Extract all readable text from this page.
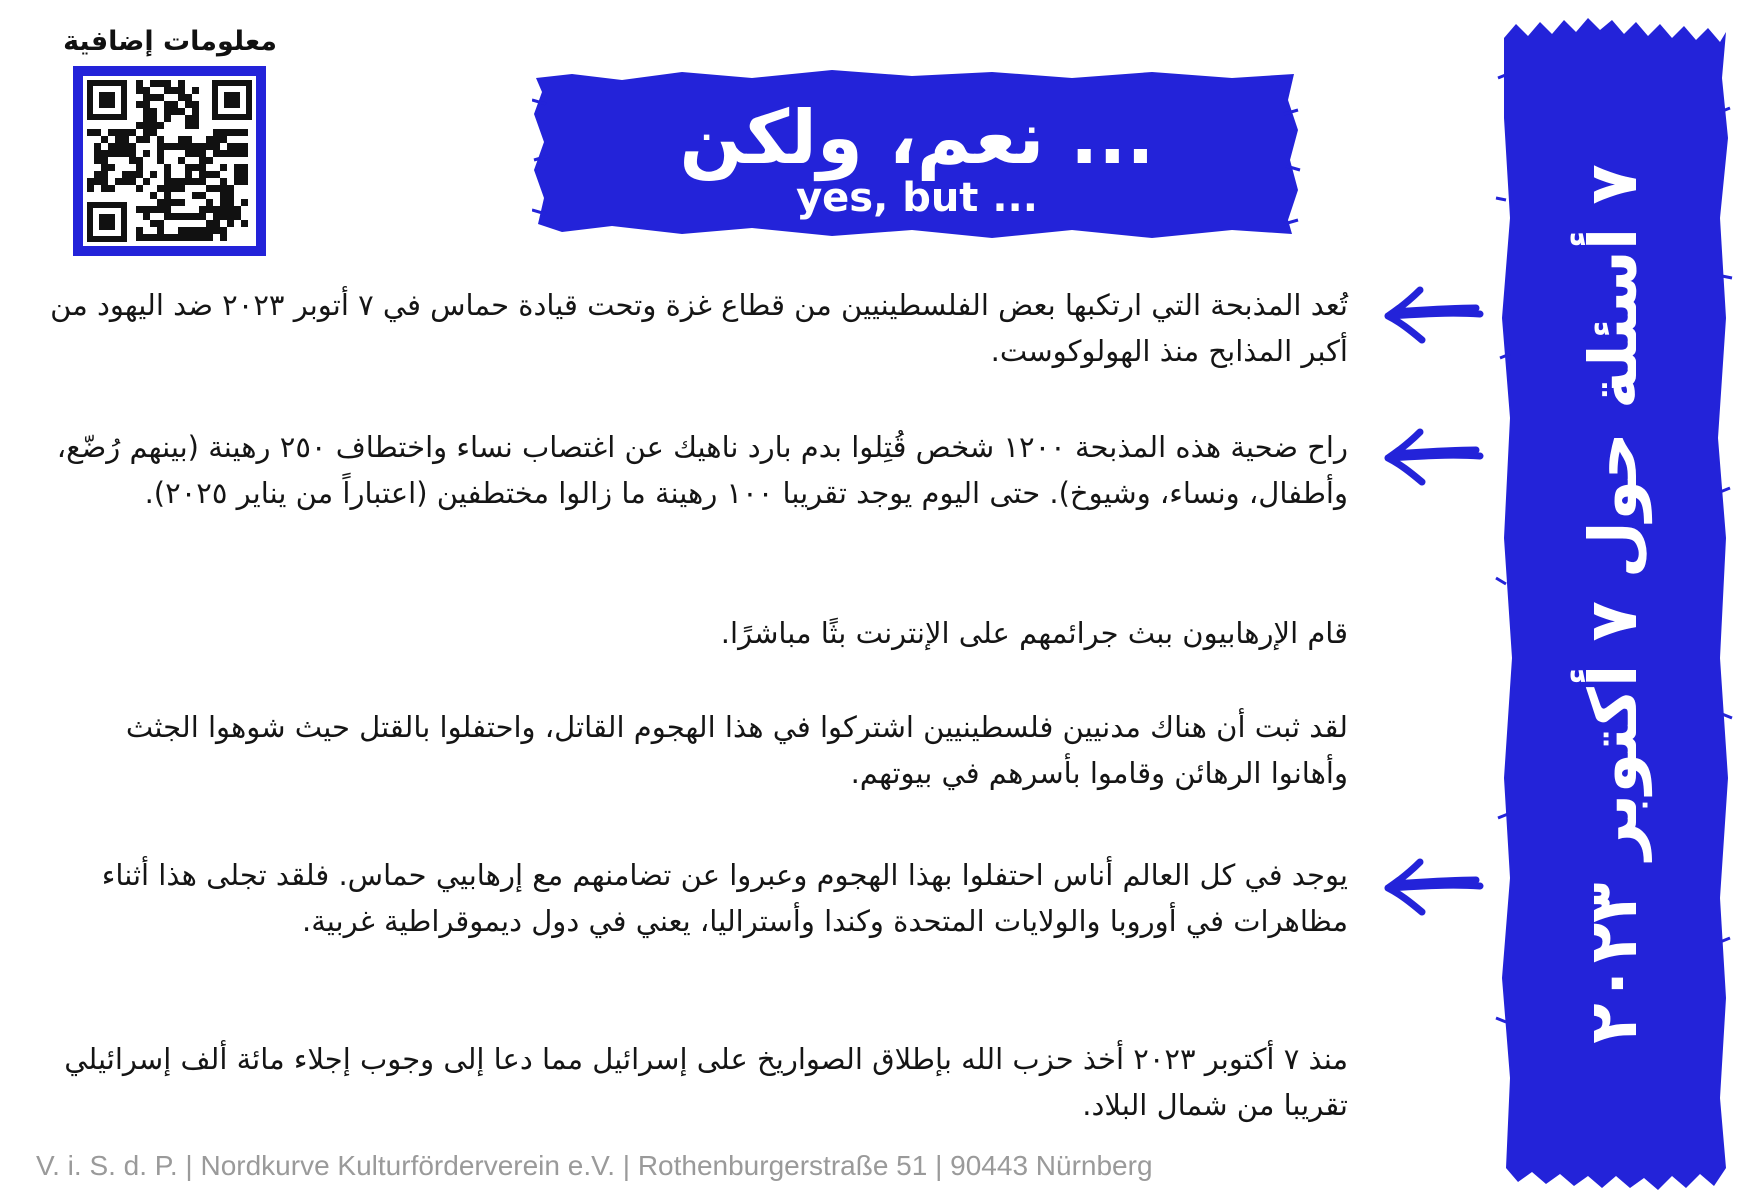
٧ أسئلة حول ٧ أكتوبر ٢٠٢٣
نعم، ولكن ...
yes, but ...
معلومات إضافية

تُعد المذبحة التي ارتكبها بعض الفلسطينيين من قطاع غزة وتحت قيادة حماس في ٧ أتوبر ٢٠٢٣ ضد اليهود من أكبر المذابح منذ الهولوكوست.

راح ضحية هذه المذبحة ١٢٠٠ شخص قُتِلوا بدم بارد ناهيك عن اغتصاب نساء واختطاف ٢٥٠ رهينة (بينهم رُضّع، وأطفال، ونساء، وشيوخ). حتى اليوم يوجد تقريبا ١٠٠ رهينة ما زالوا مختطفين (اعتباراً من يناير ٢٠٢٥).

قام الإرهابيون ببث جرائمهم على الإنترنت بثًا مباشرًا.

لقد ثبت أن هناك مدنيين فلسطينيين اشتركوا في هذا الهجوم القاتل، واحتفلوا بالقتل حيث شوهوا الجثث وأهانوا الرهائن وقاموا بأسرهم في بيوتهم.

يوجد في كل العالم أناس احتفلوا بهذا الهجوم وعبروا عن تضامنهم مع إرهابيي حماس. فلقد تجلى هذا أثناء مظاهرات في أوروبا والولايات المتحدة وكندا وأستراليا، يعني في دول ديموقراطية غربية.

منذ ٧ أكتوبر ٢٠٢٣ أخذ حزب الله بإطلاق الصواريخ على إسرائيل مما دعا إلى وجوب إجلاء مائة ألف إسرائيلي تقريبا من شمال البلاد.

V. i. S. d. P. | Nordkurve Kulturförderverein e.V. | Rothenburgerstraße 51 | 90443 Nürnberg
